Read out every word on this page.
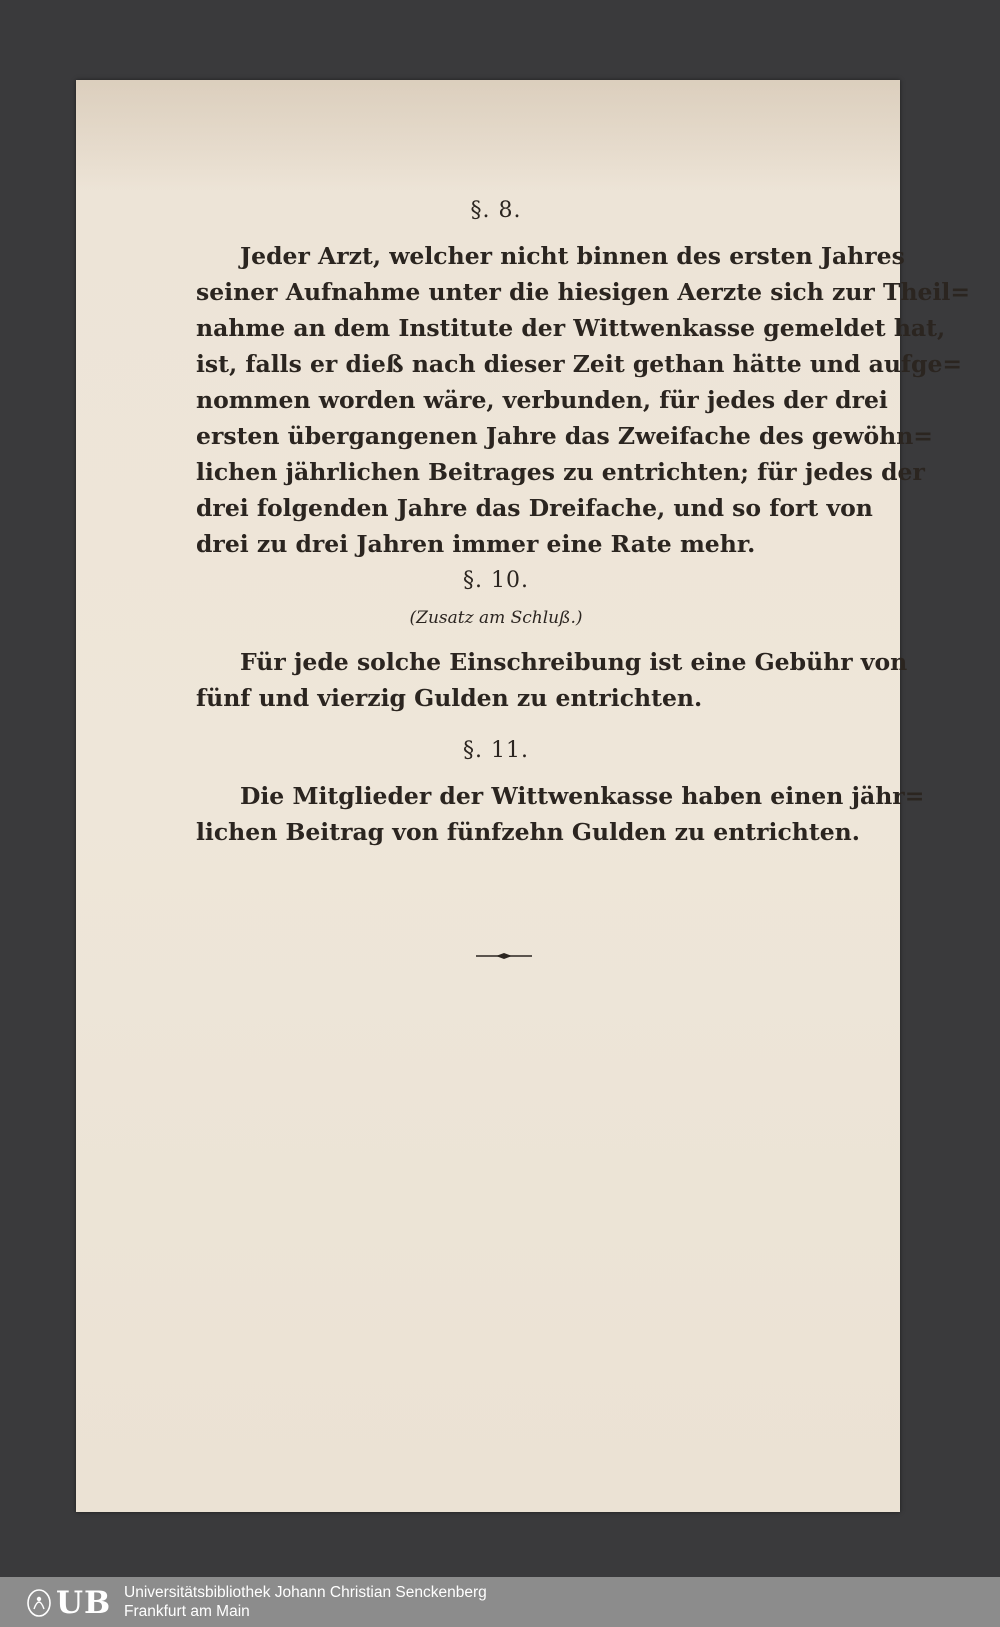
§. 8.
Jeder Arzt, welcher nicht binnen des ersten Jahres
seiner Aufnahme unter die hiesigen Aerzte sich zur Theil=
nahme an dem Institute der Wittwenkasse gemeldet hat,
ist, falls er dieß nach dieser Zeit gethan hätte und aufge=
nommen worden wäre, verbunden, für jedes der drei
ersten übergangenen Jahre das Zweifache des gewöhn=
lichen jährlichen Beitrages zu entrichten; für jedes der
drei folgenden Jahre das Dreifache, und so fort von
drei zu drei Jahren immer eine Rate mehr.
§. 10.
(Zusatz am Schluß.)
Für jede solche Einschreibung ist eine Gebühr von
fünf und vierzig Gulden zu entrichten.
§. 11.
Die Mitglieder der Wittwenkasse haben einen jähr=
lichen Beitrag von fünfzehn Gulden zu entrichten.
UB Universitätsbibliothek Johann Christian Senckenberg
Frankfurt am Main
